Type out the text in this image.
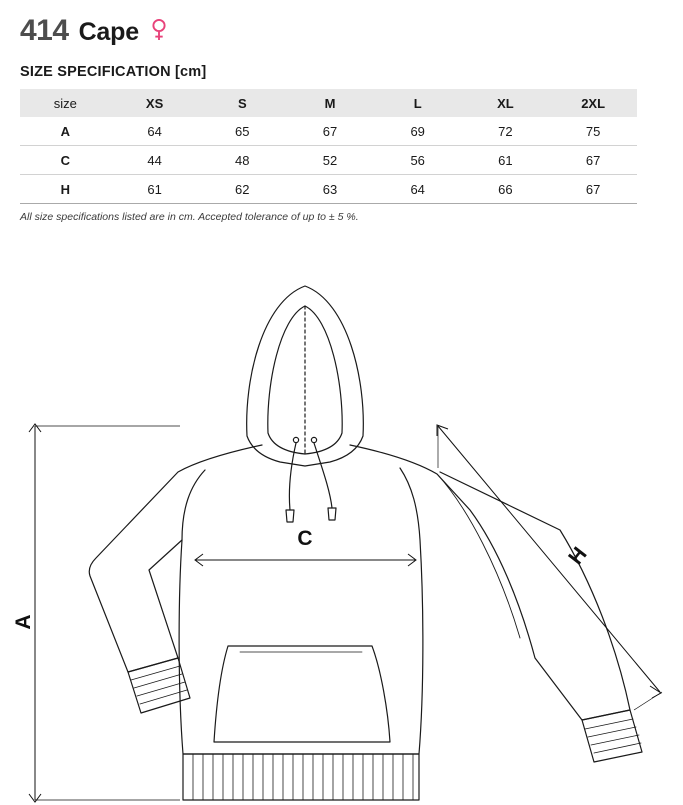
414 Cape
SIZE SPECIFICATION [cm]
size	XS	S	M	L	XL	2XL
A	64	65	67	69	72	75
C	44	48	52	56	61	67
H	61	62	63	64	66	67
All size specifications listed are in cm. Accepted tolerance of up to ± 5 %.
A
C
H
